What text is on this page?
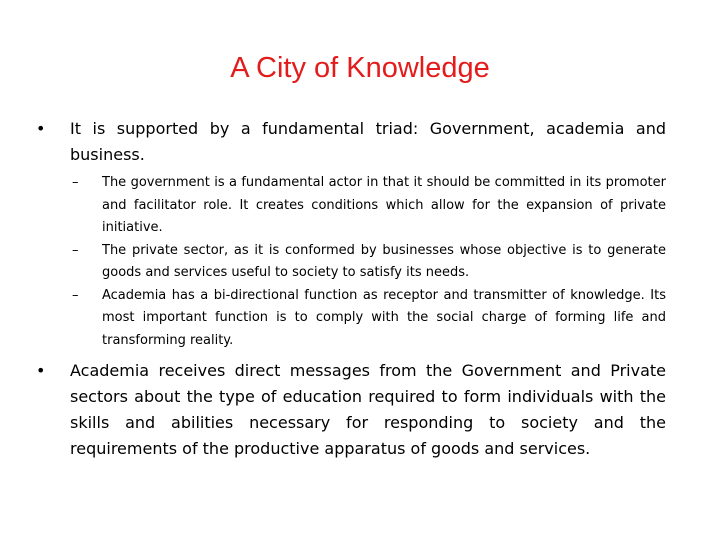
A City of Knowledge
• It is supported by a fundamental triad: Government, academia and business.
– The government is a fundamental actor in that it should be committed in its promoter and facilitator role. It creates conditions which allow for the expansion of private initiative.
– The private sector, as it is conformed by businesses whose objective is to generate goods and services useful to society to satisfy its needs.
– Academia has a bi-directional function as receptor and transmitter of knowledge. Its most important function is to comply with the social charge of forming life and transforming reality.
• Academia receives direct messages from the Government and Private sectors about the type of education required to form individuals with the skills and abilities necessary for responding to society and the requirements of the productive apparatus of goods and services.
